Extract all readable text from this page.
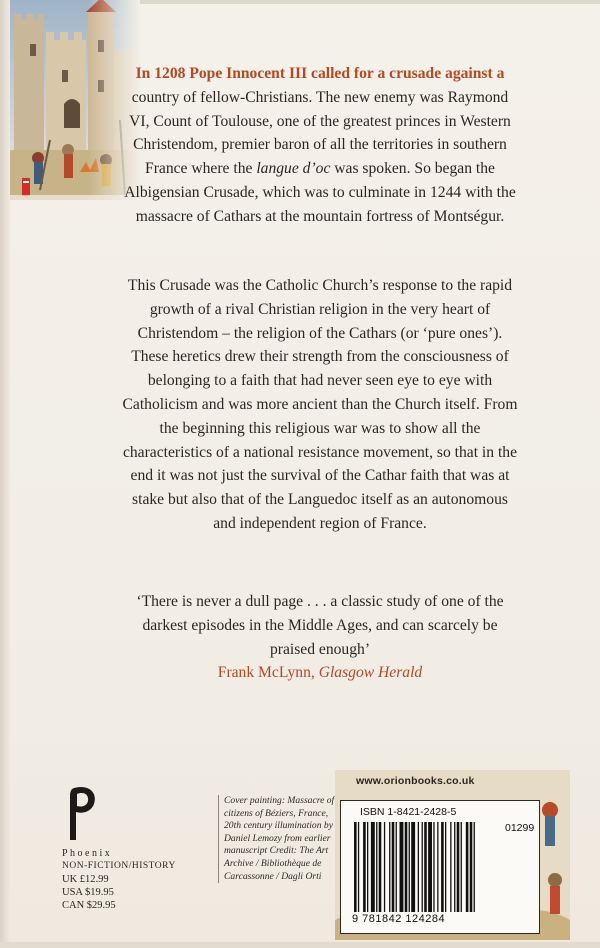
In 1208 Pope Innocent III called for a crusade against a country of fellow-Christians. The new enemy was Raymond VI, Count of Toulouse, one of the greatest princes in Western Christendom, premier baron of all the territories in southern France where the langue d’oc was spoken. So began the Albigensian Crusade, which was to culminate in 1244 with the massacre of Cathars at the mountain fortress of Montségur.
This Crusade was the Catholic Church’s response to the rapid growth of a rival Christian religion in the very heart of Christendom – the religion of the Cathars (or ‘pure ones’). These heretics drew their strength from the consciousness of belonging to a faith that had never seen eye to eye with Catholicism and was more ancient than the Church itself. From the beginning this religious war was to show all the characteristics of a national resistance movement, so that in the end it was not just the survival of the Cathar faith that was at stake but also that of the Languedoc itself as an autonomous and independent region of France.
‘There is never a dull page . . . a classic study of one of the darkest episodes in the Middle Ages, and can scarcely be praised enough’
Frank McLynn, Glasgow Herald
Phoenix
NON-FICTION/HISTORY
UK £12.99
USA $19.95
CAN $29.95
Cover painting: Massacre of citizens of Béziers, France, 20th century illumination by Daniel Lemozy from earlier manuscript Credit: The Art Archive / Bibliothèque de Carcassonne / Dagli Orti
www.orionbooks.co.uk
ISBN 1-8421-2428-5
01299
9 781842 124284
